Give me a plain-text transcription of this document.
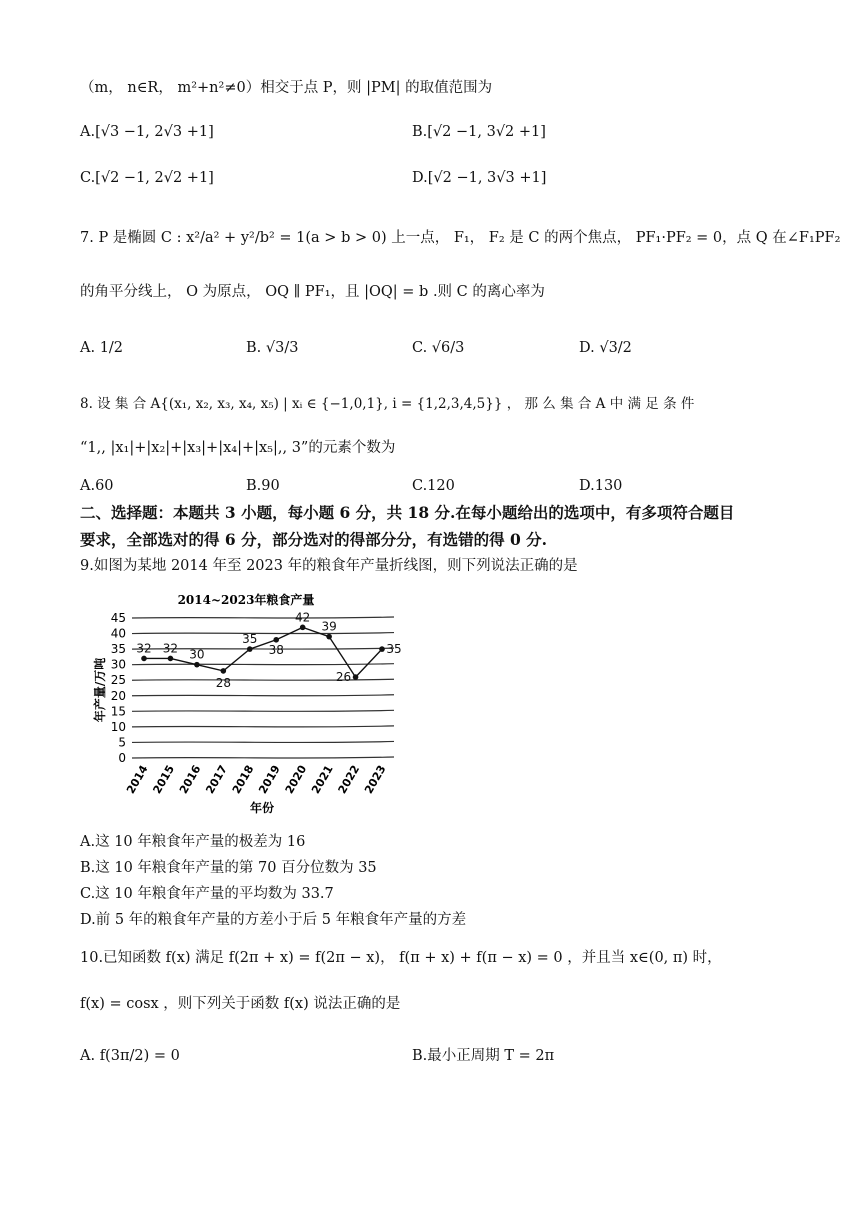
（m， n∈R， m²+n²≠0）相交于点 P，则 |PM| 的取值范围为
A.[√3 −1, 2√3 +1]	B.[√2 −1, 3√2 +1]
C.[√2 −1, 2√2 +1]	D.[√2 −1, 3√3 +1]
7. P 是椭圆 C : x²/a² + y²/b² = 1(a > b > 0) 上一点， F₁， F₂ 是 C 的两个焦点， PF₁·PF₂ = 0，点 Q 在∠F₁PF₂
的角平分线上， O 为原点， OQ ∥ PF₁，且 |OQ| = b .则 C 的离心率为
A. 1/2	B. √3/3	C. √6/3	D. √3/2
8. 设 集 合 A{(x₁, x₂, x₃, x₄, x₅) | xᵢ ∈ {−1,0,1}, i = {1,2,3,4,5}} ， 那 么 集 合 A 中 满 足 条 件
“1,, |x₁|+|x₂|+|x₃|+|x₄|+|x₅|,, 3”的元素个数为
A.60	B.90	C.120	D.130
二、选择题：本题共 3 小题，每小题 6 分，共 18 分.在每小题给出的选项中，有多项符合题目
要求，全部选对的得 6 分，部分选对的得部分分，有选错的得 0 分.
9.如图为某地 2014 年至 2023 年的粮食年产量折线图，则下列说法正确的是
2014~2023年粮食产量
年产量/万吨
年份
0
5
10
15
20
25
30
35
40
45
2014 2015 2016 2017 2018 2019 2020 2021 2022 2023
32 32 30
28
35
38
42
39
26
35
A.这 10 年粮食年产量的极差为 16
B.这 10 年粮食年产量的第 70 百分位数为 35
C.这 10 年粮食年产量的平均数为 33.7
D.前 5 年的粮食年产量的方差小于后 5 年粮食年产量的方差
10.已知函数 f(x) 满足 f(2π + x) = f(2π − x)， f(π + x) + f(π − x) = 0 ，并且当 x∈(0, π) 时，
f(x) = cosx ，则下列关于函数 f(x) 说法正确的是
A. f(3π/2) = 0	B.最小正周期 T = 2π
